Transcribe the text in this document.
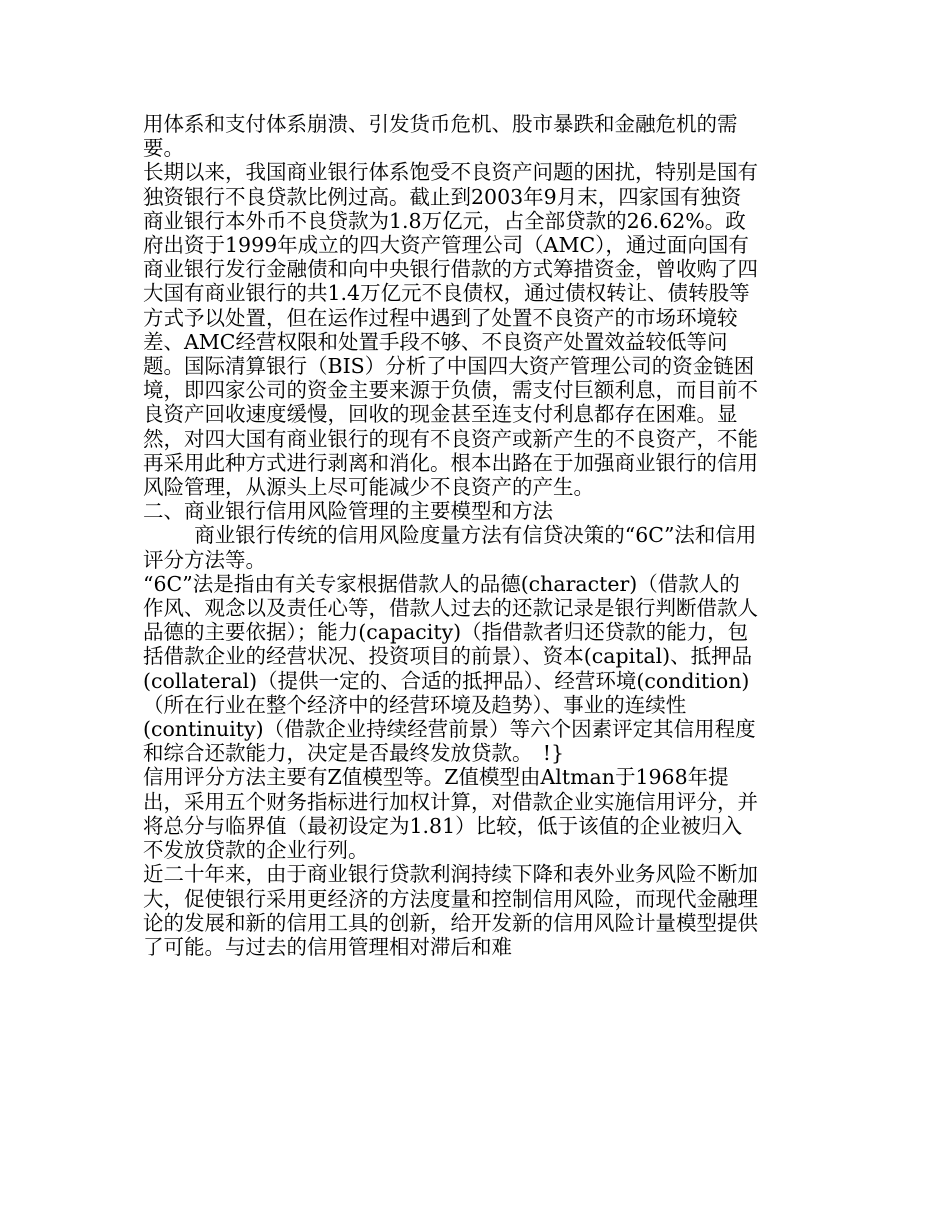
用体系和支付体系崩溃、引发货币危机、股市暴跌和金融危机的需要。

长期以来，我国商业银行体系饱受不良资产问题的困扰，特别是国有独资银行不良贷款比例过高。截止到2003年9月末，四家国有独资商业银行本外币不良贷款为1.8万亿元，占全部贷款的26.62%。政府出资于1999年成立的四大资产管理公司（AMC），通过面向国有商业银行发行金融债和向中央银行借款的方式筹措资金，曾收购了四大国有商业银行的共1.4万亿元不良债权，通过债权转让、债转股等方式予以处置，但在运作过程中遇到了处置不良资产的市场环境较差、AMC经营权限和处置手段不够、不良资产处置效益较低等问题。国际清算银行（BIS）分析了中国四大资产管理公司的资金链困境，即四家公司的资金主要来源于负债，需支付巨额利息，而目前不良资产回收速度缓慢，回收的现金甚至连支付利息都存在困难。显然，对四大国有商业银行的现有不良资产或新产生的不良资产，不能再采用此种方式进行剥离和消化。根本出路在于加强商业银行的信用风险管理，从源头上尽可能减少不良资产的产生。

二、商业银行信用风险管理的主要模型和方法

商业银行传统的信用风险度量方法有信贷决策的“6C”法和信用评分方法等。

“6C”法是指由有关专家根据借款人的品德(character)（借款人的作风、观念以及责任心等，借款人过去的还款记录是银行判断借款人品德的主要依据）；能力(capacity)（指借款者归还贷款的能力，包括借款企业的经营状况、投资项目的前景）、资本(capital)、抵押品(collateral)（提供一定的、合适的抵押品）、经营环境(condition)（所在行业在整个经济中的经营环境及趋势）、事业的连续性(continuity)（借款企业持续经营前景）等六个因素评定其信用程度和综合还款能力，决定是否最终发放贷款。　!}

信用评分方法主要有Z值模型等。Z值模型由Altman于1968年提出，采用五个财务指标进行加权计算，对借款企业实施信用评分，并将总分与临界值（最初设定为1.81）比较，低于该值的企业被归入不发放贷款的企业行列。

近二十年来，由于商业银行贷款利润持续下降和表外业务风险不断加大，促使银行采用更经济的方法度量和控制信用风险，而现代金融理论的发展和新的信用工具的创新，给开发新的信用风险计量模型提供了可能。与过去的信用管理相对滞后和难
